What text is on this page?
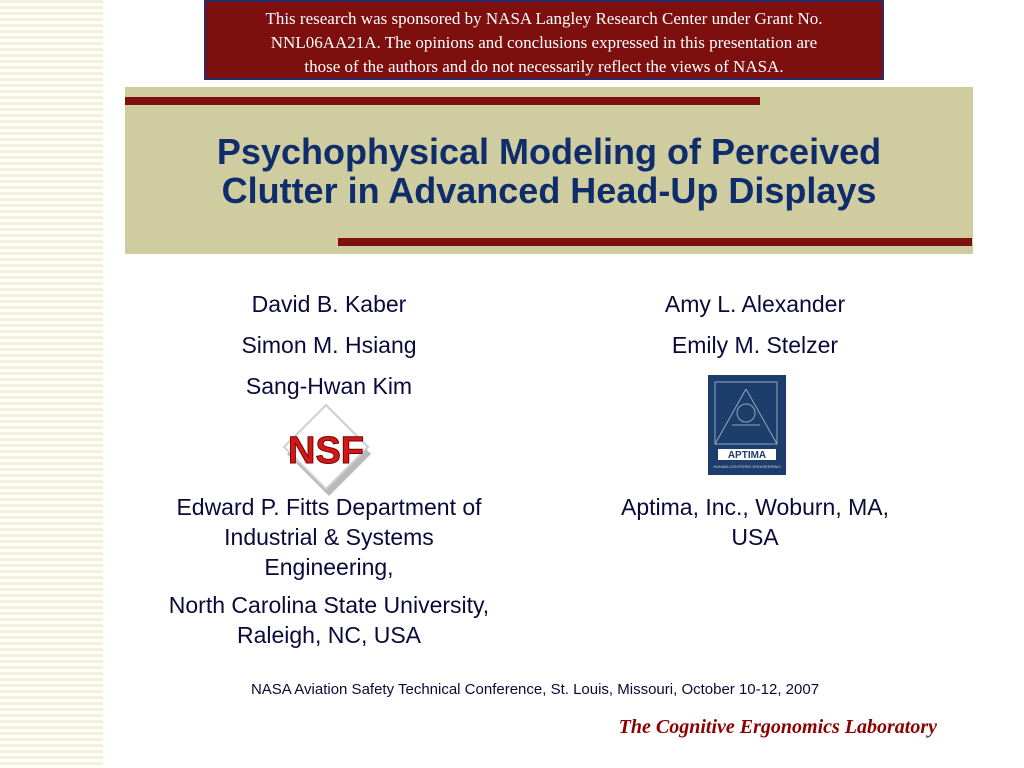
This research was sponsored by NASA Langley Research Center under Grant No.
NNL06AA21A. The opinions and conclusions expressed in this presentation are
those of the authors and do not necessarily reflect the views of NASA.
Psychophysical Modeling of Perceived
Clutter in Advanced Head-Up Displays
David B. Kaber
Simon M. Hsiang
Sang-Hwan Kim
NSF
Edward P. Fitts Department of
Industrial & Systems
Engineering,
North Carolina State University,
Raleigh, NC, USA
Amy L. Alexander
Emily M. Stelzer
APTIMA
HUMAN-CENTERED ENGINEERING
Aptima, Inc., Woburn, MA,
USA
NASA Aviation Safety Technical Conference, St. Louis, Missouri, October 10-12, 2007
The Cognitive Ergonomics Laboratory
